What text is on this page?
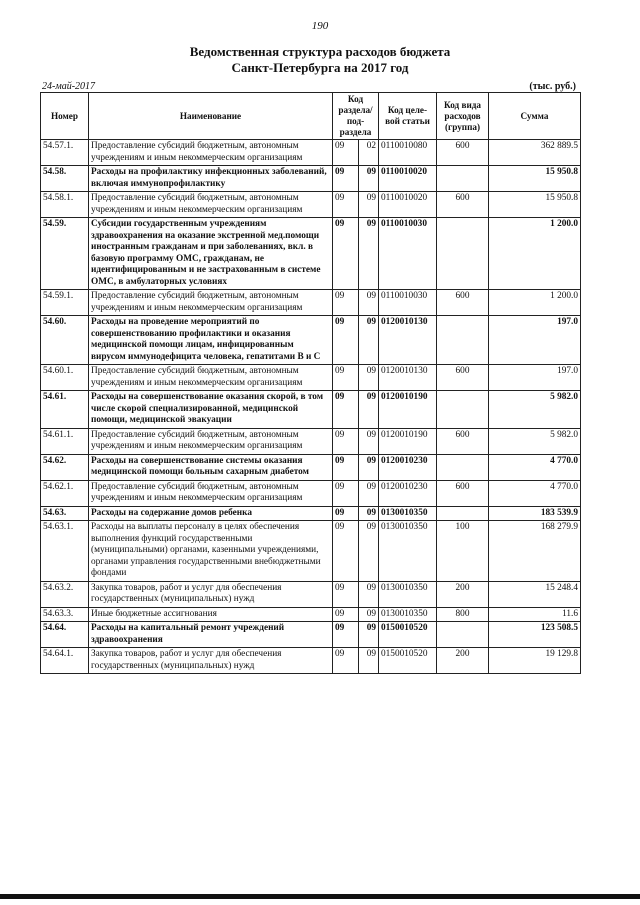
190
Ведомственная структура расходов бюджета
Санкт-Петербурга на 2017 год
24-май-2017	(тыс. руб.)
Номер	Наименование	Код раздела/ под-раздела		Код целе-вой статьи	Код вида расходов (группа)	Сумма
54.57.1.	Предоставление субсидий бюджетным, автономным учреждениям и иным некоммерческим организациям	09	02	0110010080	600	362 889.5
54.58.	Расходы на профилактику инфекционных заболеваний, включая иммунопрофилактику	09	09	0110010020		15 950.8
54.58.1.	Предоставление субсидий бюджетным, автономным учреждениям и иным некоммерческим организациям	09	09	0110010020	600	15 950.8
54.59.	Субсидии государственным учреждениям здравоохранения на оказание экстренной мед.помощи иностранным гражданам и при заболеваниях, вкл. в базовую программу ОМС, гражданам, не идентифицированным и не застрахованным в системе ОМС, в амбулаторных условиях	09	09	0110010030		1 200.0
54.59.1.	Предоставление субсидий бюджетным, автономным учреждениям и иным некоммерческим организациям	09	09	0110010030	600	1 200.0
54.60.	Расходы на проведение мероприятий по совершенствованию профилактики и оказания медицинской помощи лицам, инфицированным вирусом иммунодефицита человека, гепатитами В и С	09	09	0120010130		197.0
54.60.1.	Предоставление субсидий бюджетным, автономным учреждениям и иным некоммерческим организациям	09	09	0120010130	600	197.0
54.61.	Расходы на совершенствование оказания скорой, в том числе скорой специализированной, медицинской помощи, медицинской эвакуации	09	09	0120010190		5 982.0
54.61.1.	Предоставление субсидий бюджетным, автономным учреждениям и иным некоммерческим организациям	09	09	0120010190	600	5 982.0
54.62.	Расходы на совершенствование системы оказания медицинской помощи больным сахарным диабетом	09	09	0120010230		4 770.0
54.62.1.	Предоставление субсидий бюджетным, автономным учреждениям и иным некоммерческим организациям	09	09	0120010230	600	4 770.0
54.63.	Расходы на содержание домов ребенка	09	09	0130010350		183 539.9
54.63.1.	Расходы на выплаты персоналу в целях обеспечения выполнения функций государственными (муниципальными) органами, казенными учреждениями, органами управления государственными внебюджетными фондами	09	09	0130010350	100	168 279.9
54.63.2.	Закупка товаров, работ и услуг для обеспечения государственных (муниципальных) нужд	09	09	0130010350	200	15 248.4
54.63.3.	Иные бюджетные ассигнования	09	09	0130010350	800	11.6
54.64.	Расходы на капитальный ремонт учреждений здравоохранения	09	09	0150010520		123 508.5
54.64.1.	Закупка товаров, работ и услуг для обеспечения государственных (муниципальных) нужд	09	09	0150010520	200	19 129.8
